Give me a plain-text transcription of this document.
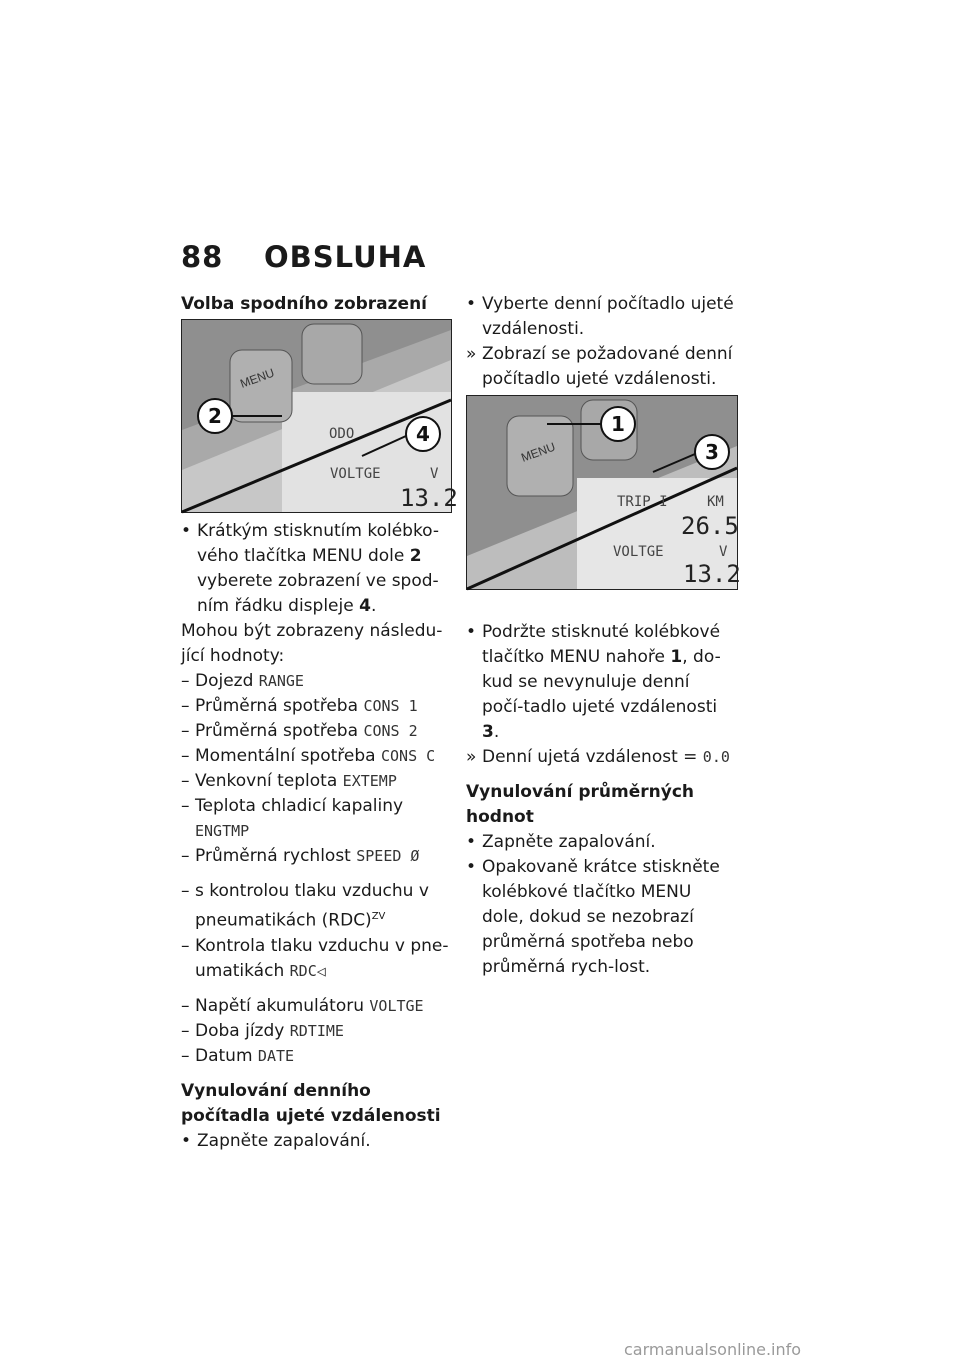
88 OBSLUHA

Volba spodního zobrazení

• Krátkým stisknutím kolébko-vého tlačítka MENU dole 2 vyberete zobrazení ve spod-ním řádku displeje 4.

Mohou být zobrazeny následu-jící hodnoty:

– Dojezd RANGE

– Průměrná spotřeba CONS 1

– Průměrná spotřeba CONS 2

– Momentální spotřeba CONS C

– Venkovní teplota EXTEMP

– Teplota chladicí kapaliny ENGTMP

– Průměrná rychlost SPEED Ø

– s kontrolou tlaku vzduchu v pneumatikách (RDC)$^{ZV}$

– Kontrola tlaku vzduchu v pne-umatikách RDC◁

– Napětí akumulátoru VOLTGE

– Doba jízdy RDTIME

– Datum DATE

Vynulování denního počítadla ujeté vzdálenosti

• Zapněte zapalování.

MENU
ODO
VOLTGE	V
13.2
2
4

• Vyberte denní počítadlo ujeté vzdálenosti.

» Zobrazí se požadované denní počítadlo ujeté vzdálenosti.

• Podržte stisknuté kolébkové tlačítko MENU nahoře 1, do-kud se nevynuluje denní počí-tadlo ujeté vzdálenosti 3.

» Denní ujetá vzdálenost = 0.0

Vynulování průměrných hodnot

• Zapněte zapalování.

• Opakovaně krátce stiskněte kolébkové tlačítko MENU dole, dokud se nezobrazí průměrná spotřeba nebo průměrná rych-lost.

MENU
TRIP I	KM
26.5
VOLTGE	V
13.2
1
3
carmanualsonline.info
